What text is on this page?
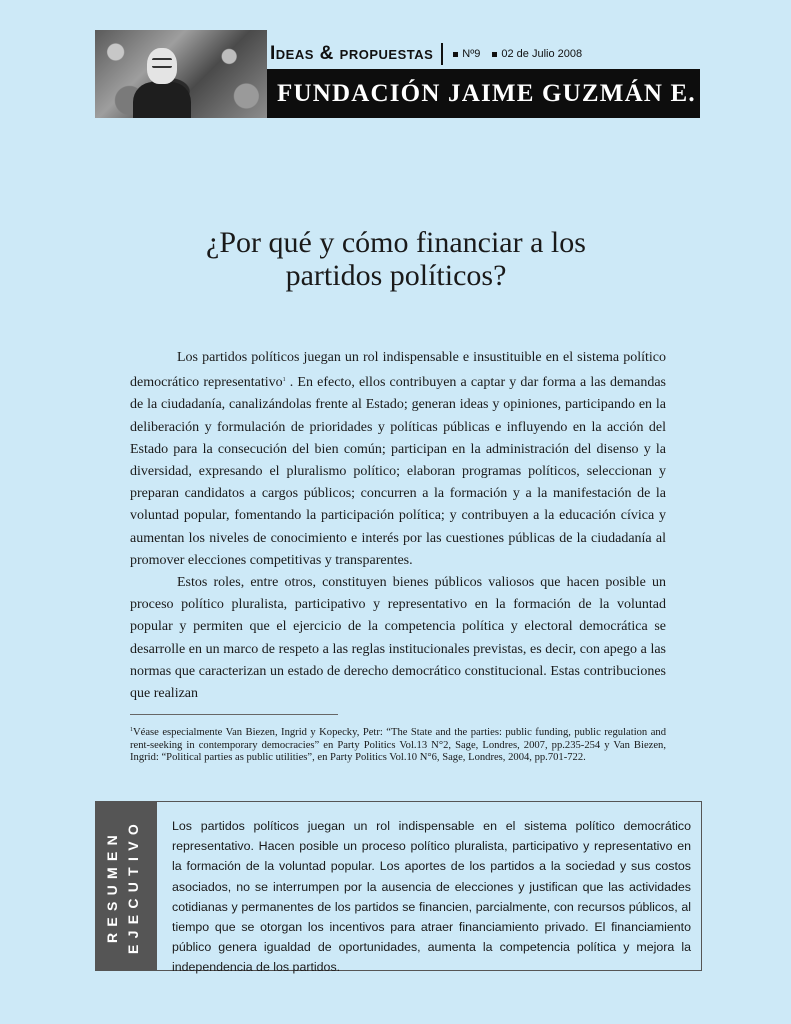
Ideas & propuestas	Nº9 02 de Julio 2008
FUNDACIÓN JAIME GUZMÁN E.
¿Por qué y cómo financiar a los
partidos políticos?

Los partidos políticos juegan un rol indispensable e insustituible en el sistema político democrático representativo$^1$ . En efecto, ellos contribuyen a captar y dar forma a las demandas de la ciudadanía, canalizándolas frente al Estado; generan ideas y opiniones, participando en la deliberación y formulación de prioridades y políticas públicas e influyendo en la acción del Estado para la consecución del bien común; participan en la administración del disenso y la diversidad, expresando el pluralismo político; elaboran programas políticos, seleccionan y preparan candidatos a cargos públicos; concurren a la formación y a la manifestación de la voluntad popular, fomentando la participación política; y contribuyen a la educación cívica y aumentan los niveles de conocimiento e interés por las cuestiones públicas de la ciudadanía al promover elecciones competitivas y transparentes.

Estos roles, entre otros, constituyen bienes públicos valiosos que hacen posible un proceso político pluralista, participativo y representativo en la formación de la voluntad popular y permiten que el ejercicio de la competencia política y electoral democrática se desarrolle en un marco de respeto a las reglas institucionales previstas, es decir, con apego a las normas que caracterizan un estado de derecho democrático constitucional. Estas contribuciones que realizan

$^1$Véase especialmente Van Biezen, Ingrid y Kopecky, Petr: “The State and the parties: public funding, public regulation and rent-seeking in contemporary democracies” en Party Politics Vol.13 N°2, Sage, Londres, 2007, pp.235-254 y Van Biezen, Ingrid: “Political parties as public utilities”, en Party Politics Vol.10 N°6, Sage, Londres, 2004, pp.701-722.

RESUMEN EJECUTIVO	Los partidos políticos juegan un rol indispensable en el sistema político democrático representativo. Hacen posible un proceso político pluralista, participativo y representativo en la formación de la voluntad popular. Los aportes de los partidos a la sociedad y sus costos asociados, no se interrumpen por la ausencia de elecciones y justifican que las actividades cotidianas y permanentes de los partidos se financien, parcialmente, con recursos públicos, al tiempo que se otorgan los incentivos para atraer financiamiento privado. El financiamiento público genera igualdad de oportunidades, aumenta la competencia política y mejora la independencia de los partidos.
